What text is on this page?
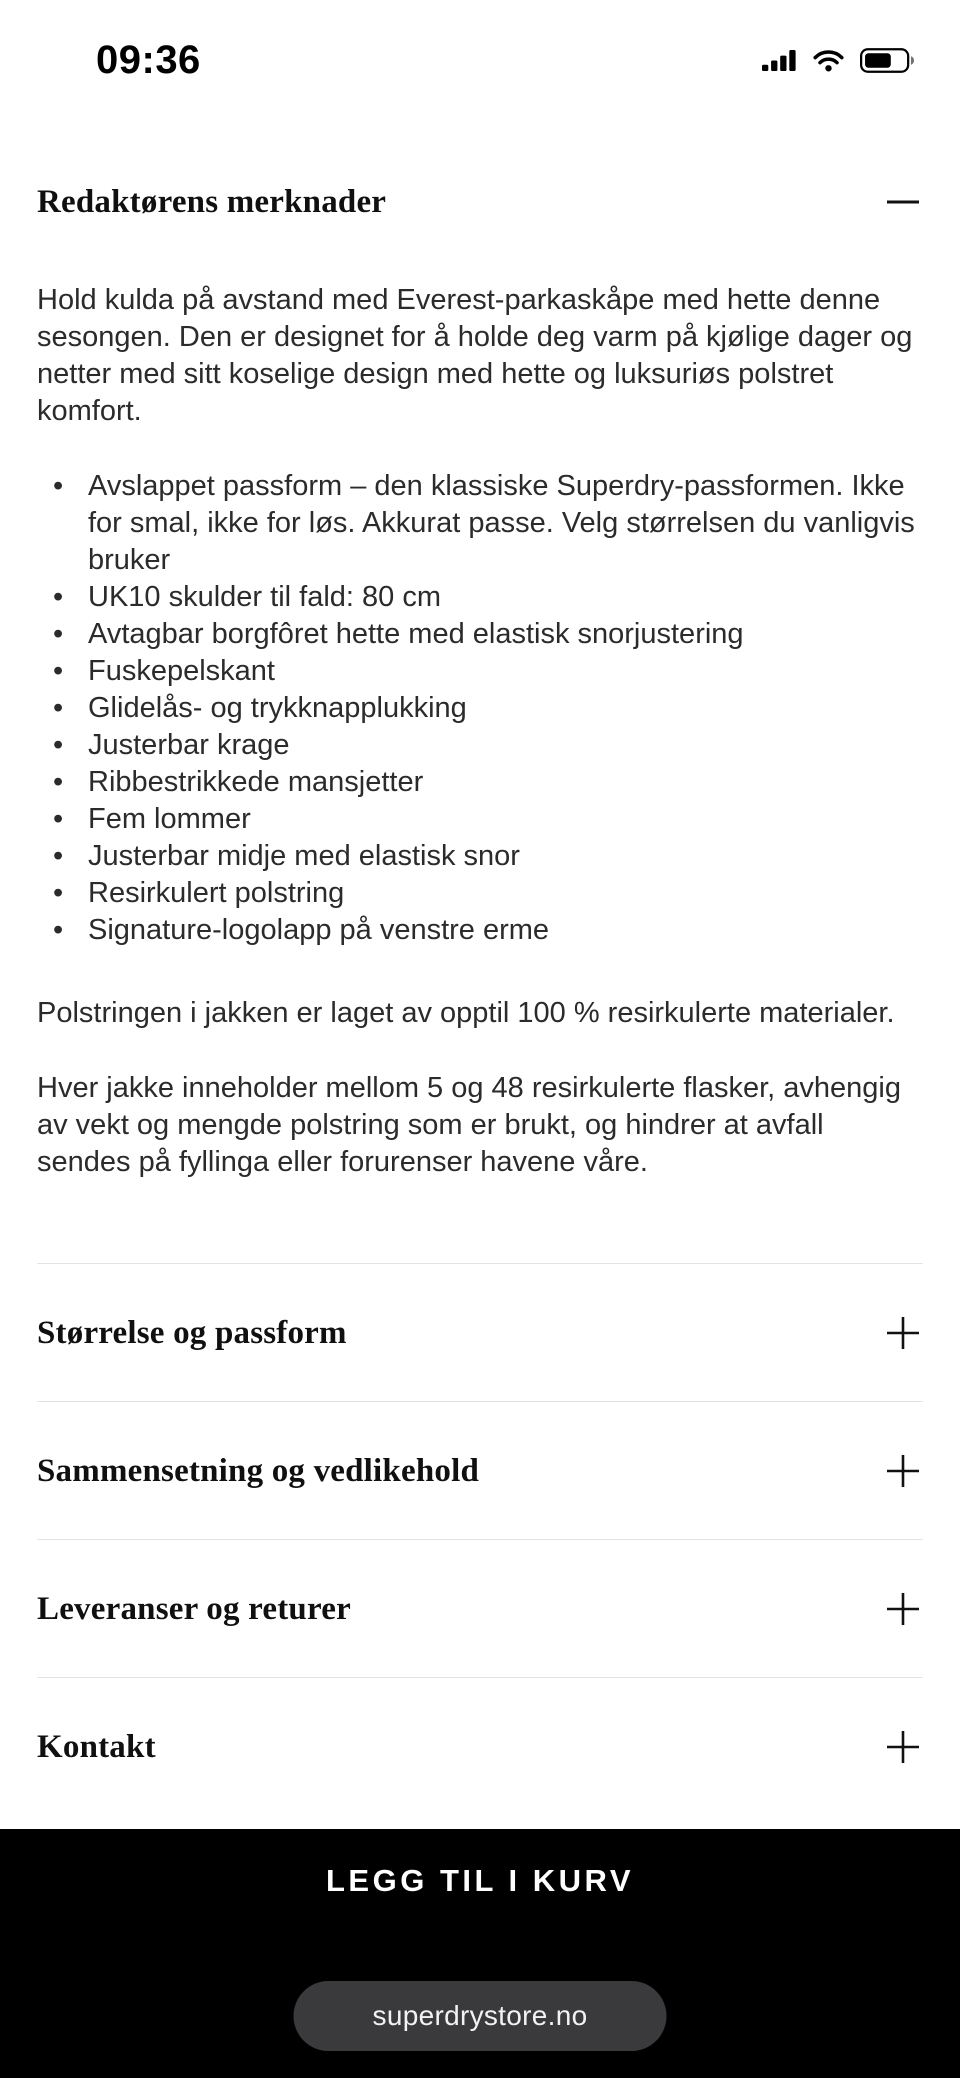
09:36
Redaktørens merknader

Hold kulda på avstand med Everest-parkaskåpe med hette denne sesongen. Den er designet for å holde deg varm på kjølige dager og netter med sitt koselige design med hette og luksuriøs polstret komfort.

• Avslappet passform – den klassiske Superdry-passformen. Ikke for smal, ikke for løs. Akkurat passe. Velg størrelsen du vanligvis bruker
• UK10 skulder til fald: 80 cm
• Avtagbar borgfôret hette med elastisk snorjustering
• Fuskepelskant
• Glidelås- og trykknapplukking
• Justerbar krage
• Ribbestrikkede mansjetter
• Fem lommer
• Justerbar midje med elastisk snor
• Resirkulert polstring
• Signature-logolapp på venstre erme

Polstringen i jakken er laget av opptil 100 % resirkulerte materialer.

Hver jakke inneholder mellom 5 og 48 resirkulerte flasker, avhengig av vekt og mengde polstring som er brukt, og hindrer at avfall sendes på fyllinga eller forurenser havene våre.

Størrelse og passform
Sammensetning og vedlikehold
Leveranser og returer
Kontakt
LEGG TIL I KURV
superdrystore.no
